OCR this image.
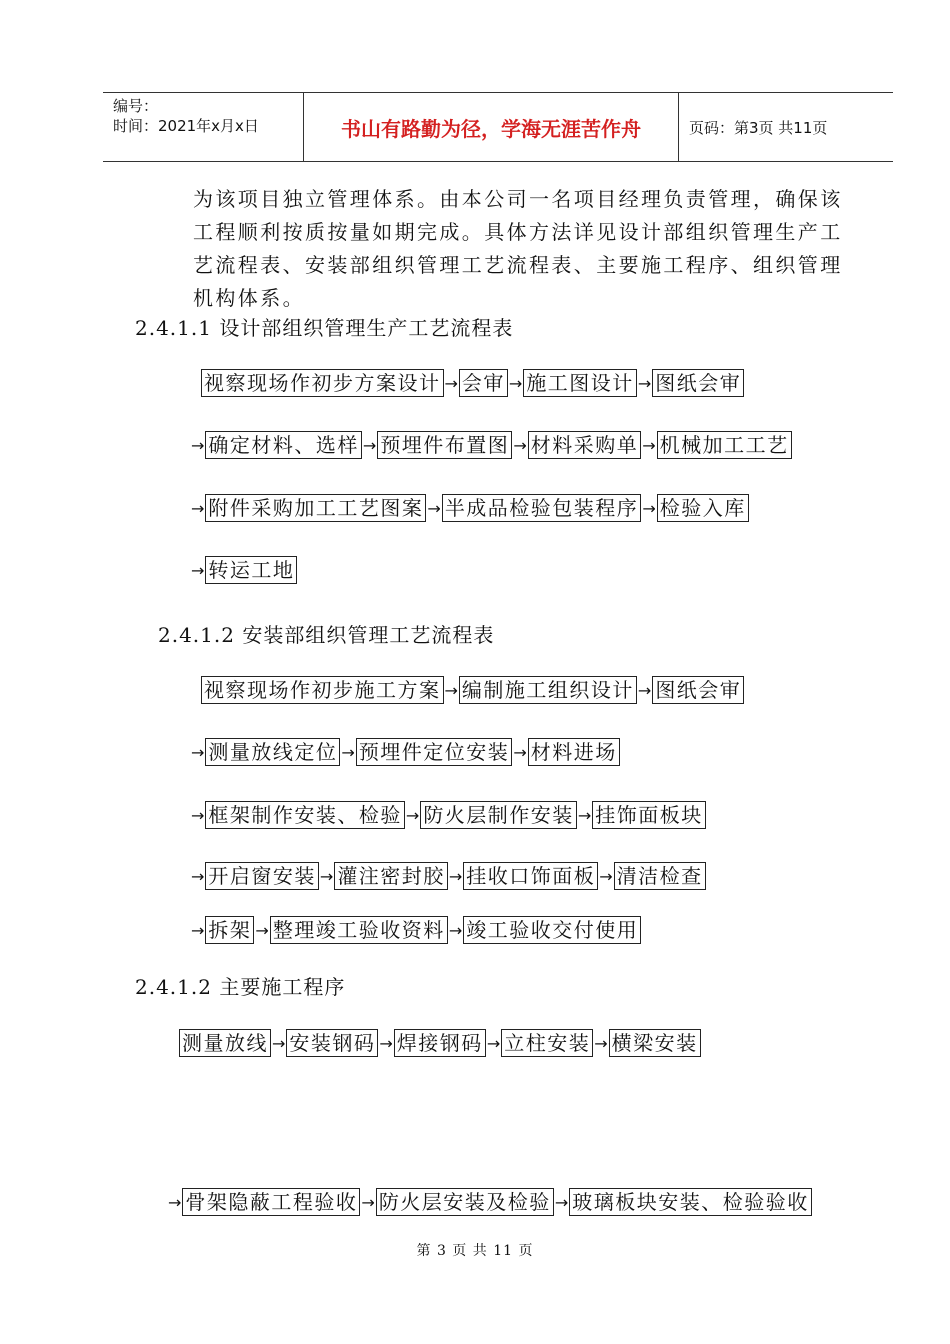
编号：
时间：2021年x月x日	书山有路勤为径，学海无涯苦作舟	页码：第3页 共11页
为该项目独立管理体系。由本公司一名项目经理负责管理，确保该
工程顺利按质按量如期完成。具体方法详见设计部组织管理生产工
艺流程表、安装部组织管理工艺流程表、主要施工程序、组织管理
机构体系。
2.4.1.1 设计部组织管理生产工艺流程表
2.4.1.2 安装部组织管理工艺流程表
2.4.1.2 主要施工程序
视察现场作初步方案设计 → 会审 → 施工图设计 → 图纸会审
→ 确定材料、选样 → 预埋件布置图 → 材料采购单 → 机械加工工艺
→ 附件采购加工工艺图案 → 半成品检验包装程序 → 检验入库
→ 转运工地
视察现场作初步施工方案 → 编制施工组织设计 → 图纸会审
→ 测量放线定位 → 预埋件定位安装 → 材料进场
→ 框架制作安装、检验 → 防火层制作安装 → 挂饰面板块
→ 开启窗安装 → 灌注密封胶 → 挂收口饰面板 → 清洁检查
→ 拆架 → 整理竣工验收资料 → 竣工验收交付使用
测量放线 → 安装钢码 → 焊接钢码 → 立柱安装 → 横梁安装
→ 骨架隐蔽工程验收 → 防火层安装及检验 → 玻璃板块安装、检验验收
第 3 页 共 11 页
